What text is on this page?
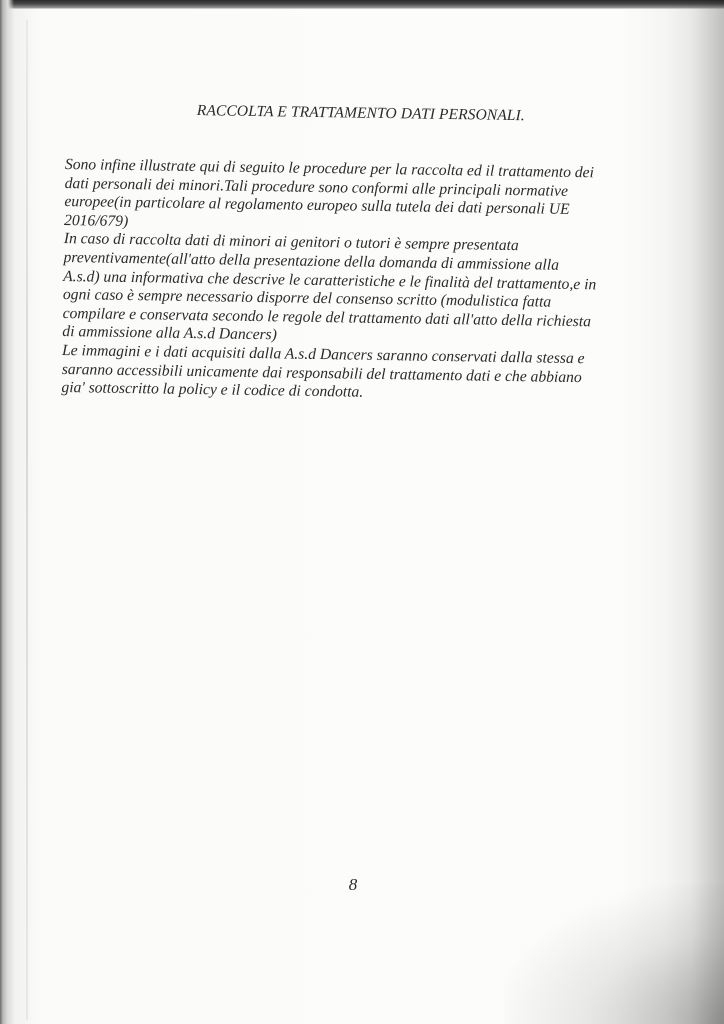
RACCOLTA E TRATTAMENTO DATI PERSONALI.

Sono infine illustrate qui di seguito le procedure per la raccolta ed il trattamento dei
dati personali dei minori.Tali procedure sono conformi alle principali normative
europee(in particolare al regolamento europeo sulla tutela dei dati personali UE
2016/679)

In caso di raccolta dati di minori ai genitori o tutori è sempre presentata
preventivamente(all'atto della presentazione della domanda di ammissione alla
A.s.d) una informativa che descrive le caratteristiche e le finalità del trattamento,e in
ogni caso è sempre necessario disporre del consenso scritto (modulistica fatta
compilare e conservata secondo le regole del trattamento dati all'atto della richiesta
di ammissione alla A.s.d Dancers)

Le immagini e i dati acquisiti dalla A.s.d Dancers saranno conservati dalla stessa e
saranno accessibili unicamente dai responsabili del trattamento dati e che abbiano
gia' sottoscritto la policy e il codice di condotta.

8
